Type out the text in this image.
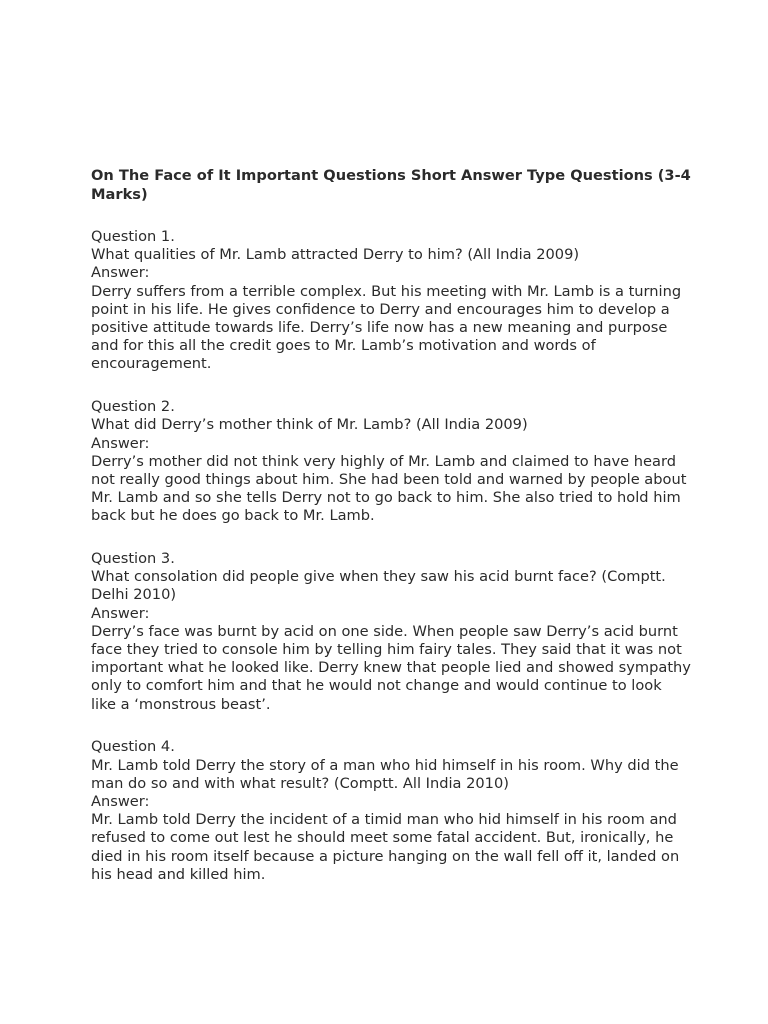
On The Face of It Important Questions Short Answer Type Questions (3-4 Marks)
Question 1.
What qualities of Mr. Lamb attracted Derry to him? (All India 2009)
Answer:
Derry suffers from a terrible complex. But his meeting with Mr. Lamb is a turning point in his life. He gives confidence to Derry and encourages him to develop a positive attitude towards life. Derry’s life now has a new meaning and purpose and for this all the credit goes to Mr. Lamb’s motivation and words of encouragement.
Question 2.
What did Derry’s mother think of Mr. Lamb? (All India 2009)
Answer:
Derry’s mother did not think very highly of Mr. Lamb and claimed to have heard not really good things about him. She had been told and warned by people about Mr. Lamb and so she tells Derry not to go back to him. She also tried to hold him back but he does go back to Mr. Lamb.
Question 3.
What consolation did people give when they saw his acid burnt face? (Comptt. Delhi 2010)
Answer:
Derry’s face was burnt by acid on one side. When people saw Derry’s acid burnt face they tried to console him by telling him fairy tales. They said that it was not important what he looked like. Derry knew that people lied and showed sympathy only to comfort him and that he would not change and would continue to look like a ‘monstrous beast’.
Question 4.
Mr. Lamb told Derry the story of a man who hid himself in his room. Why did the man do so and with what result? (Comptt. All India 2010)
Answer:
Mr. Lamb told Derry the incident of a timid man who hid himself in his room and refused to come out lest he should meet some fatal accident. But, ironically, he died in his room itself because a picture hanging on the wall fell off it, landed on his head and killed him.
